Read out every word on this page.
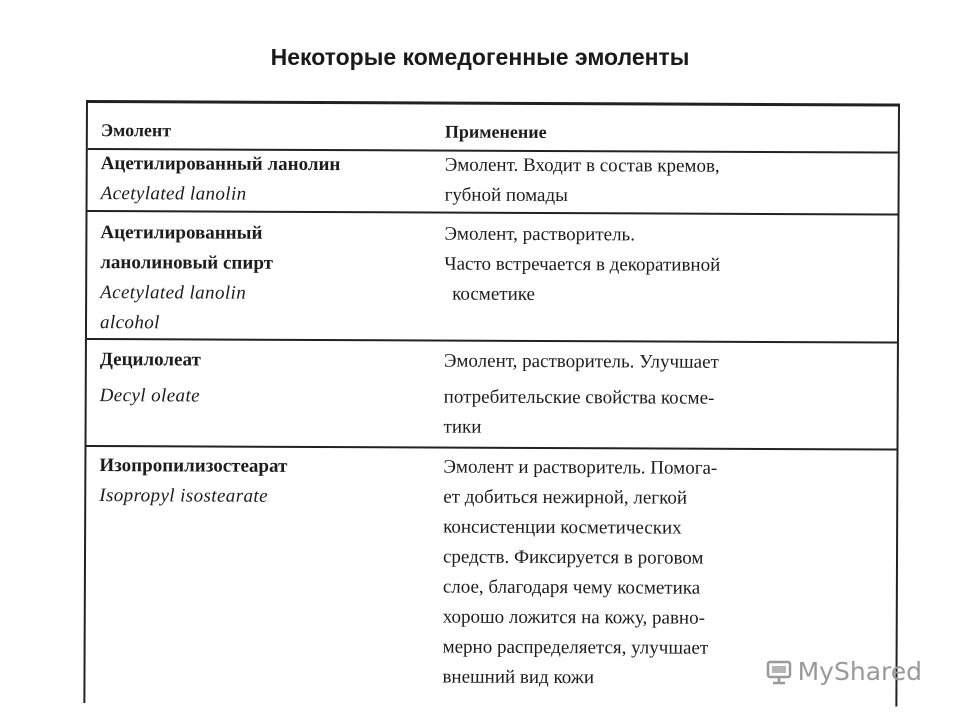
Некоторые комедогенные эмоленты
Эмолент	Применение
Ацетилированный ланолин
Acetylated lanolin
Эмолент. Входит в состав кремов,
губной помады
Ацетилированный
ланолиновый спирт
Acetylated lanolin
alcohol
Эмолент, растворитель.
Часто встречается в декоративной
косметике
Децилолеат
Decyl oleate
Эмолент, растворитель. Улучшает
потребительские свойства косме-
тики
Изопропилизостеарат
Isopropyl isostearate
Эмолент и растворитель. Помога-
ет добиться нежирной, легкой
консистенции косметических
средств. Фиксируется в роговом
слое, благодаря чему косметика
хорошо ложится на кожу, равно-
мерно распределяется, улучшает
внешний вид кожи	MyShared
